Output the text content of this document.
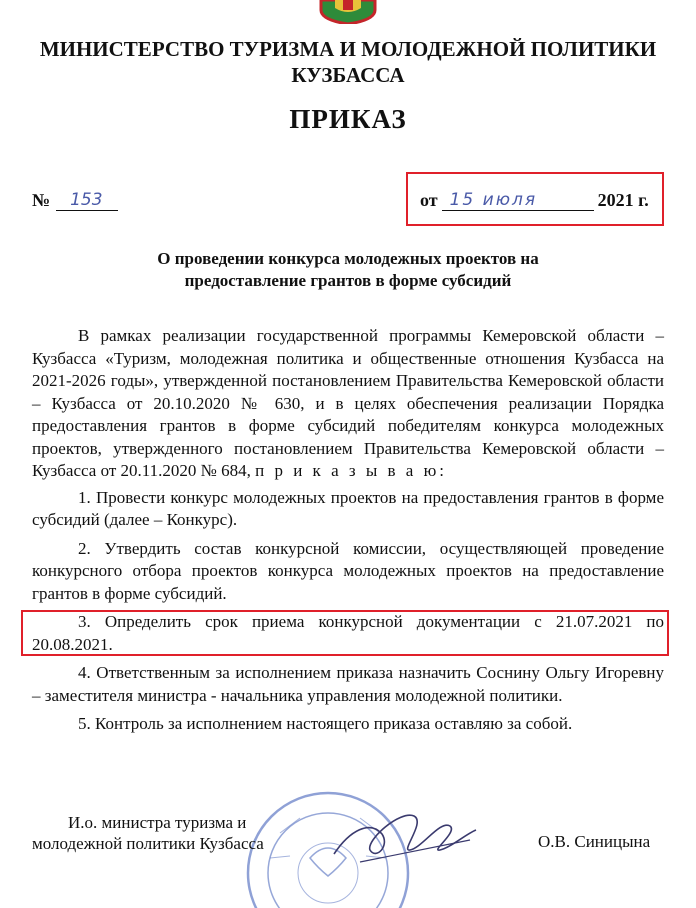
МИНИСТЕРСТВО ТУРИЗМА И МОЛОДЕЖНОЙ ПОЛИТИКИ
КУЗБАССА
ПРИКАЗ
№ 153	от 15 июля	2021 г.
О проведении конкурса молодежных проектов на
предоставление грантов в форме субсидий

В рамках реализации государственной программы Кемеровской области – Кузбасса «Туризм, молодежная политика и общественные отношения Кузбасса на 2021-2026 годы», утвержденной постановлением Правительства Кемеровской области – Кузбасса от 20.10.2020 № 630, и в целях обеспечения реализации Порядка предоставления грантов в форме субсидий победителям конкурса молодежных проектов, утвержденного постановлением Правительства Кемеровской области – Кузбасса от 20.11.2020 № 684, п р и к а з ы в а ю:

1. Провести конкурс молодежных проектов на предоставления грантов в форме субсидий (далее – Конкурс).

2. Утвердить состав конкурсной комиссии, осуществляющей проведение конкурсного отбора проектов конкурса молодежных проектов на предоставление грантов в форме субсидий.

3. Определить срок приема конкурсной документации с 21.07.2021 по 20.08.2021.

4. Ответственным за исполнением приказа назначить Соснину Ольгу Игоревну – заместителя министра - начальника управления молодежной политики.

5. Контроль за исполнением настоящего приказа оставляю за собой.

И.о. министра туризма и
молодежной политики Кузбасса	О.В. Синицына
